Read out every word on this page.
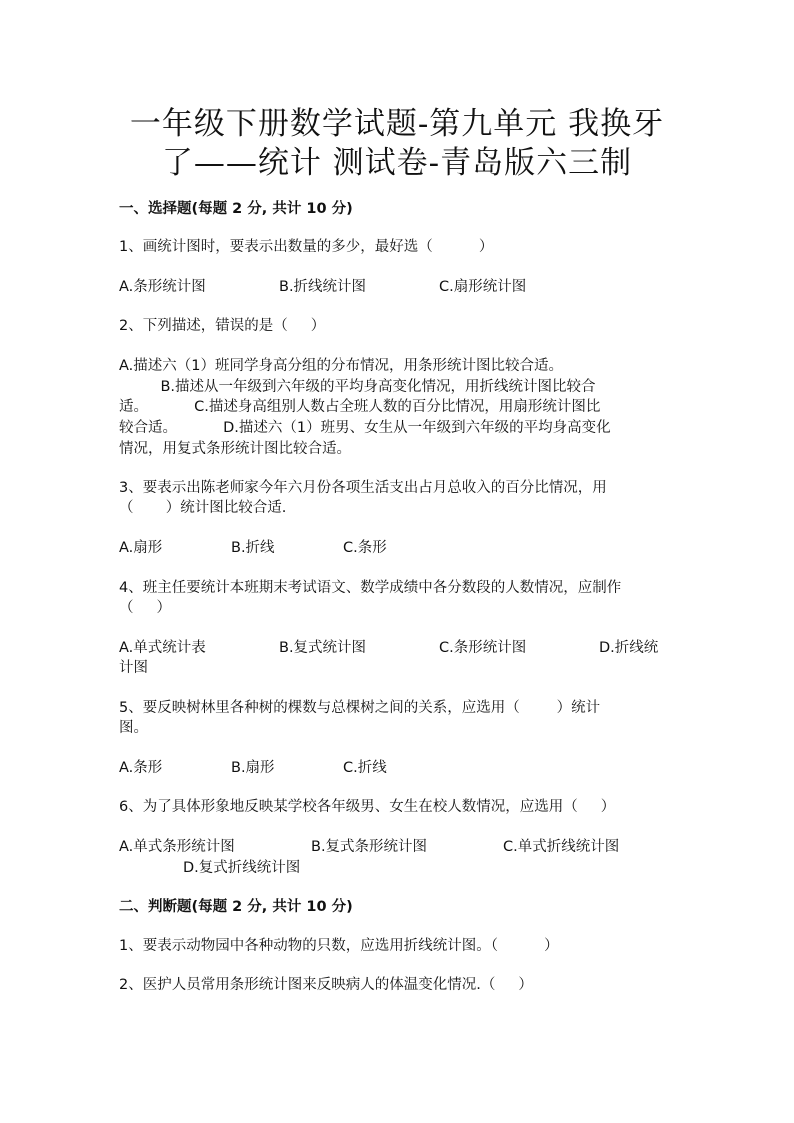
一年级下册数学试题-第九单元 我换牙
了——统计 测试卷-青岛版六三制
一、选择题(每题 2 分, 共计 10 分)
1、画统计图时，要表示出数量的多少，最好选（          ）
A.条形统计图	B.折线统计图	C.扇形统计图
2、下列描述，错误的是（     ）
A.描述六（1）班同学身高分组的分布情况，用条形统计图比较合适。
B.描述从一年级到六年级的平均身高变化情况，用折线统计图比较合
适。          C.描述身高组别人数占全班人数的百分比情况，用扇形统计图比
较合适。          D.描述六（1）班男、女生从一年级到六年级的平均身高变化
情况，用复式条形统计图比较合适。
3、要表示出陈老师家今年六月份各项生活支出占月总收入的百分比情况，用
（       ）统计图比较合适.
A.扇形	B.折线	C.条形
4、班主任要统计本班期末考试语文、数学成绩中各分数段的人数情况，应制作
（     ）
A.单式统计表	B.复式统计图	C.条形统计图	D.折线统
计图
5、要反映树林里各种树的棵数与总棵树之间的关系，应选用（        ）统计
图。
A.条形	B.扇形	C.折线
6、为了具体形象地反映某学校各年级男、女生在校人数情况，应选用（     ）
A.单式条形统计图	B.复式条形统计图	C.单式折线统计图
D.复式折线统计图
二、判断题(每题 2 分, 共计 10 分)
1、要表示动物园中各种动物的只数，应选用折线统计图。（          ）
2、医护人员常用条形统计图来反映病人的体温变化情况.（     ）
